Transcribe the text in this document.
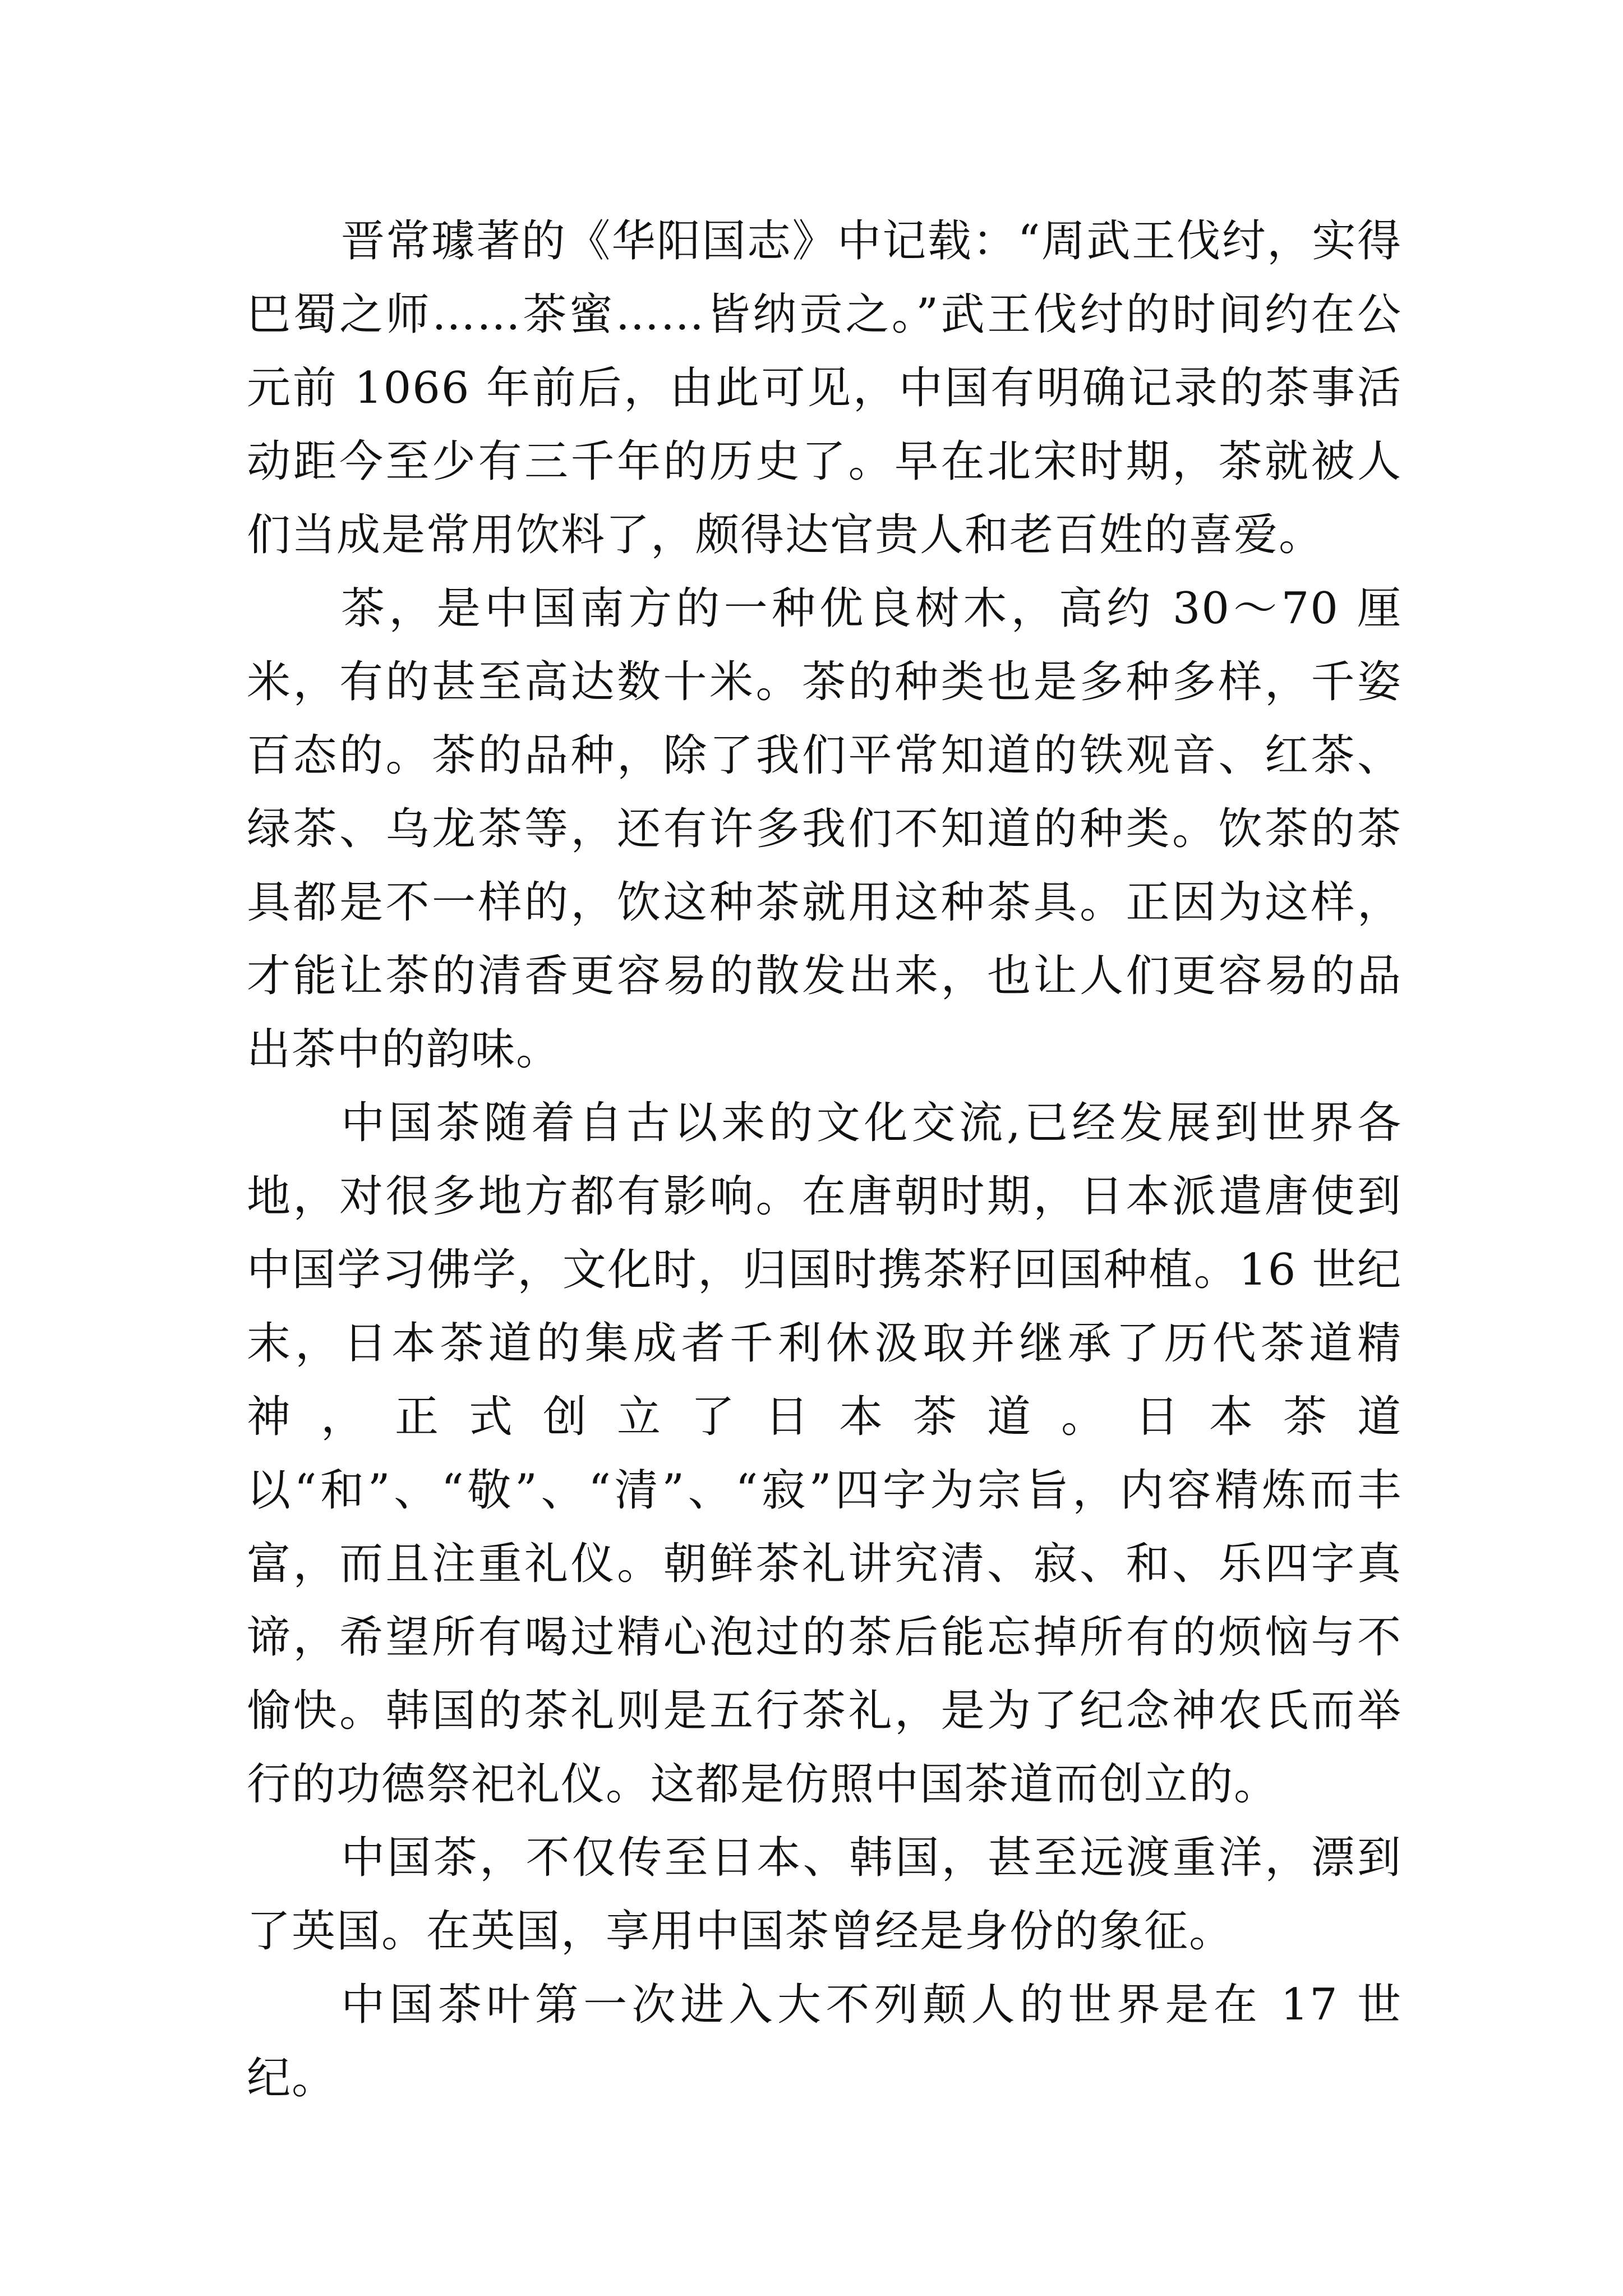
晋常璩著的《华阳国志》中记载：“周武王伐纣，实得巴蜀之师……茶蜜……皆纳贡之。”武王伐纣的时间约在公元前 1066 年前后，由此可见，中国有明确记录的茶事活动距今至少有三千年的历史了。早在北宋时期，茶就被人们当成是常用饮料了，颇得达官贵人和老百姓的喜爱。

茶，是中国南方的一种优良树木，高约 30～70 厘米，有的甚至高达数十米。茶的种类也是多种多样，千姿百态的。茶的品种，除了我们平常知道的铁观音、红茶、绿茶、乌龙茶等，还有许多我们不知道的种类。饮茶的茶具都是不一样的，饮这种茶就用这种茶具。正因为这样，才能让茶的清香更容易的散发出来，也让人们更容易的品出茶中的韵味。

中国茶随着自古以来的文化交流,已经发展到世界各地，对很多地方都有影响。在唐朝时期，日本派遣唐使到中国学习佛学，文化时，归国时携茶籽回国种植。16 世纪末，日本茶道的集成者千利休汲取并继承了历代茶道精神，正式创立了日本茶道。日本茶道以“和”、“敬”、“清”、“寂”四字为宗旨，内容精炼而丰富，而且注重礼仪。朝鲜茶礼讲究清、寂、和、乐四字真谛，希望所有喝过精心泡过的茶后能忘掉所有的烦恼与不愉快。韩国的茶礼则是五行茶礼，是为了纪念神农氏而举行的功德祭祀礼仪。这都是仿照中国茶道而创立的。

中国茶，不仅传至日本、韩国，甚至远渡重洋，漂到了英国。在英国，享用中国茶曾经是身份的象征。

中国茶叶第一次进入大不列颠人的世界是在 17 世纪。
